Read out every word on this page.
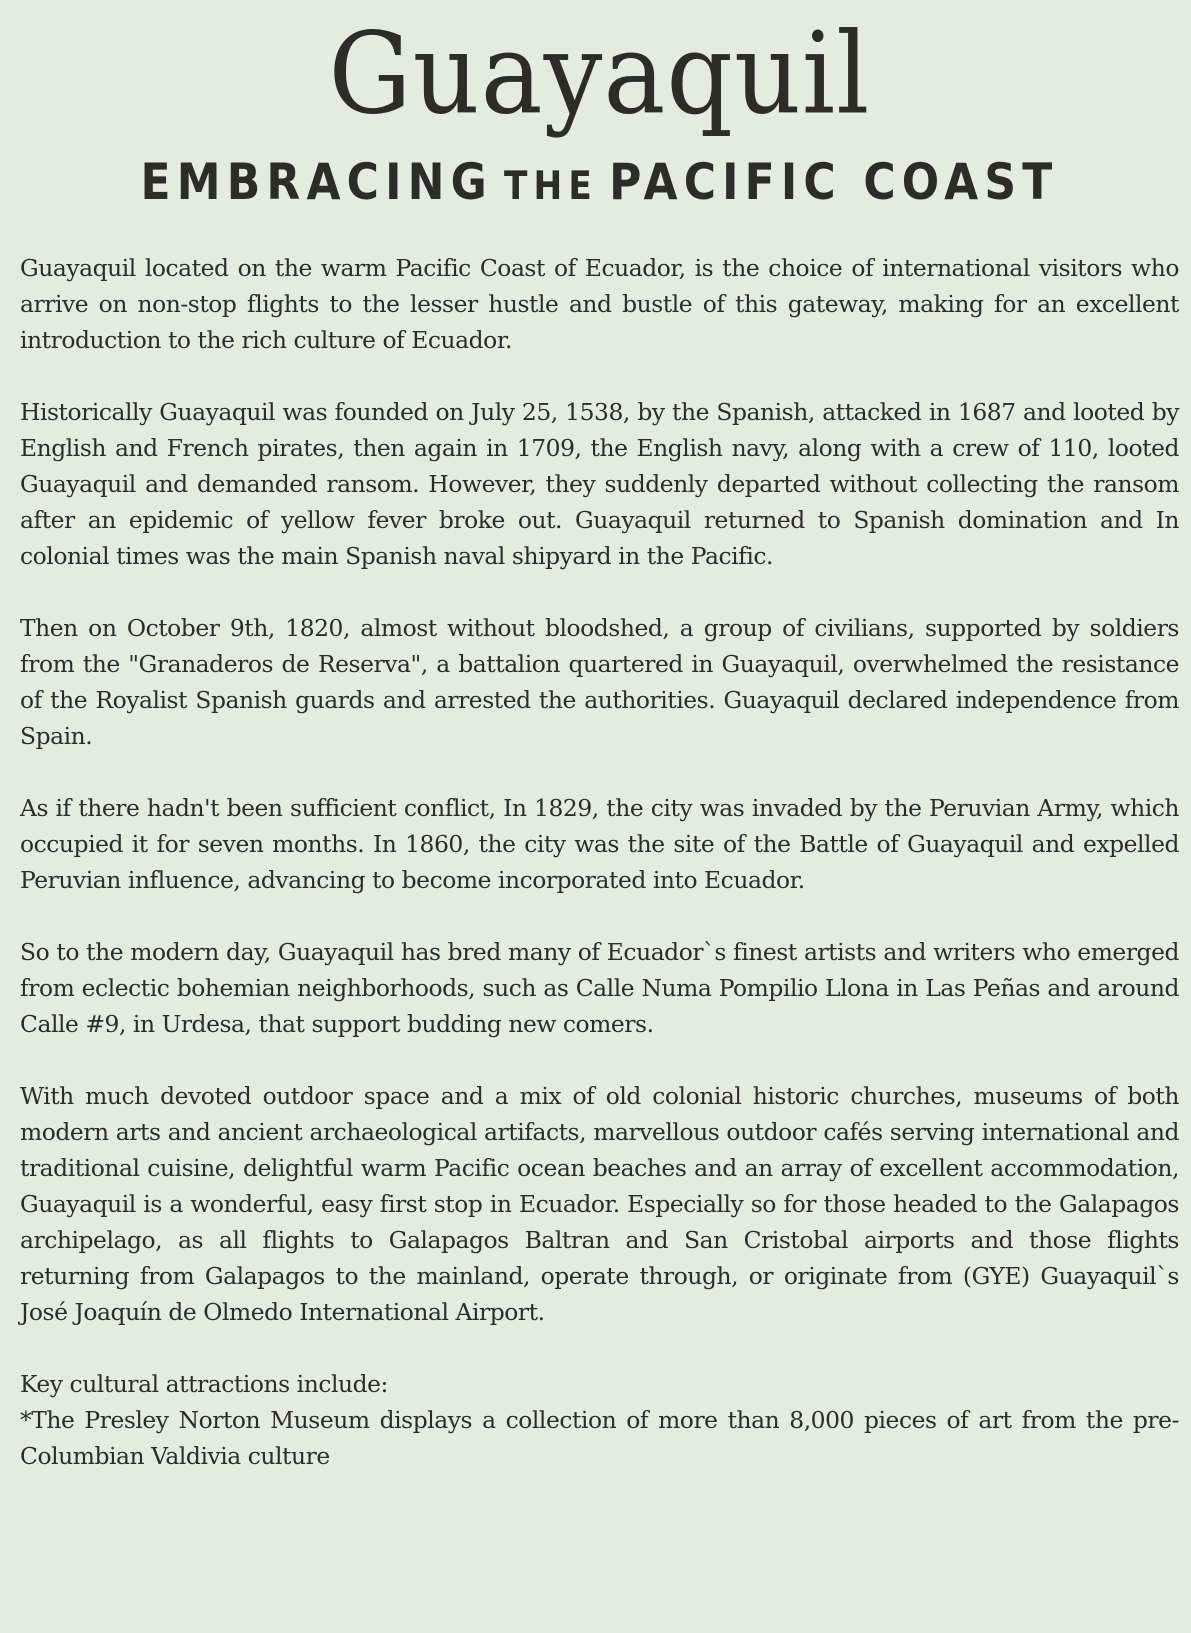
Guayaquil
EMBRACING THE PACIFIC COAST

Guayaquil located on the warm Pacific Coast of Ecuador, is the choice of international visitors who arrive on non-stop flights to the lesser hustle and bustle of this gateway, making for an excellent introduction to the rich culture of Ecuador.

Historically Guayaquil was founded on July 25, 1538, by the Spanish, attacked in 1687 and looted by English and French pirates, then again in 1709, the English navy, along with a crew of 110, looted Guayaquil and demanded ransom. However, they suddenly departed without collecting the ransom after an epidemic of yellow fever broke out. Guayaquil returned to Spanish domination and In colonial times was the main Spanish naval shipyard in the Pacific.

Then on October 9th, 1820, almost without bloodshed, a group of civilians, supported by soldiers from the "Granaderos de Reserva", a battalion quartered in Guayaquil, overwhelmed the resistance of the Royalist Spanish guards and arrested the authorities. Guayaquil declared independence from Spain.

As if there hadn't been sufficient conflict, In 1829, the city was invaded by the Peruvian Army, which occupied it for seven months. In 1860, the city was the site of the Battle of Guayaquil and expelled Peruvian influence, advancing to become incorporated into Ecuador.

So to the modern day, Guayaquil has bred many of Ecuador`s finest artists and writers who emerged from eclectic bohemian neighborhoods, such as Calle Numa Pompilio Llona in Las Peñas and around Calle #9, in Urdesa, that support budding new comers.

With much devoted outdoor space and a mix of old colonial historic churches, museums of both modern arts and ancient archaeological artifacts, marvellous outdoor cafés serving international and traditional cuisine, delightful warm Pacific ocean beaches and an array of excellent accommodation, Guayaquil is a wonderful, easy first stop in Ecuador. Especially so for those headed to the Galapagos archipelago, as all flights to Galapagos Baltran and San Cristobal airports and those flights returning from Galapagos to the mainland, operate through, or originate from (GYE) Guayaquil`s José Joaquín de Olmedo International Airport.

Key cultural attractions include:

*The Presley Norton Museum displays a collection of more than 8,000 pieces of art from the pre-Columbian Valdivia culture
